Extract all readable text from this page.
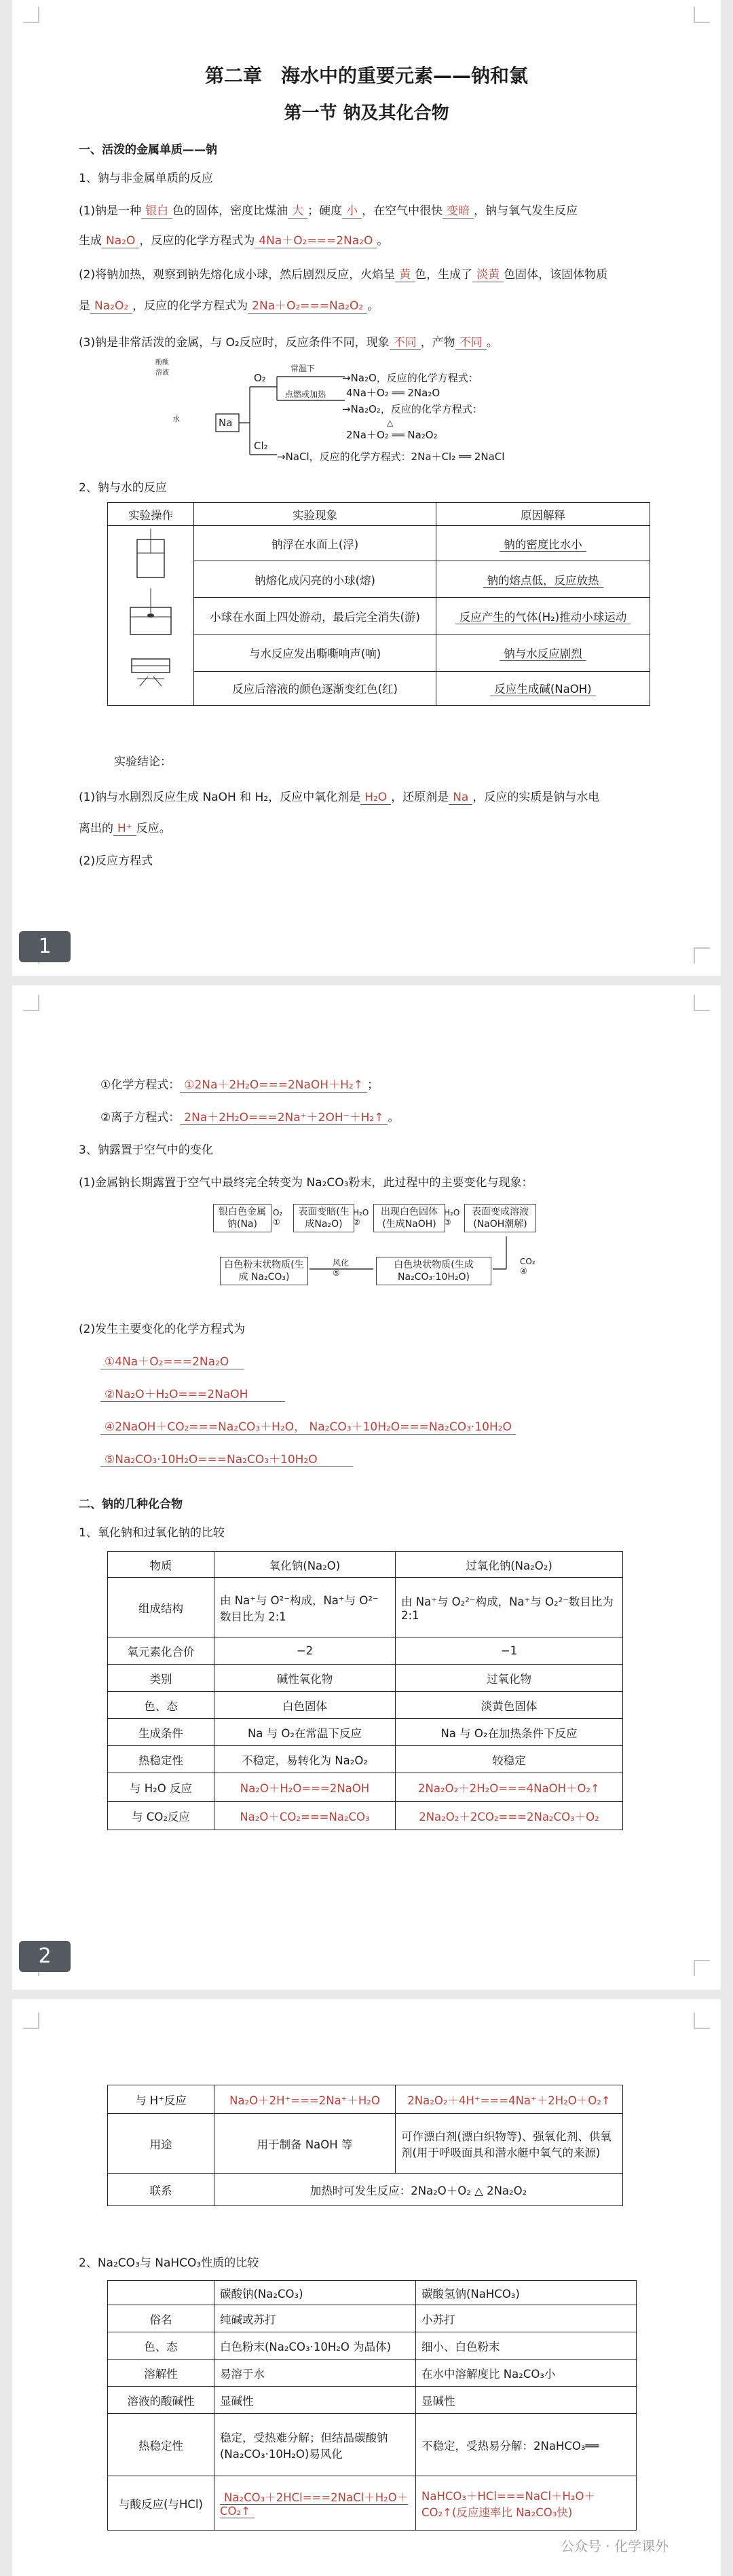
第二章　海水中的重要元素——钠和氯
第一节 钠及其化合物
一、活泼的金属单质——钠
1、钠与非金属单质的反应
(1)钠是一种 银白 色的固体，密度比煤油 大 ；硬度 小 ，在空气中很快 变暗 ，钠与氧气发生反应
生成 Na₂O ，反应的化学方程式为 4Na＋O₂===2Na₂O 。
(2)将钠加热，观察到钠先熔化成小球，然后剧烈反应，火焰呈 黄 色，生成了 淡黄 色固体，该固体物质
是 Na₂O₂ ，反应的化学方程式为 2Na＋O₂===Na₂O₂ 。
(3)钠是非常活泼的金属，与 O₂反应时，反应条件不同，现象 不同 ，产物 不同 。
Na
O₂
Cl₂
常温下
点燃或加热
→Na₂O，反应的化学方程式：
4Na＋O₂ ══ 2Na₂O
→Na₂O₂，反应的化学方程式：
2Na＋O₂ ══ Na₂O₂
△
→NaCl，反应的化学方程式：2Na＋Cl₂ ══ 2NaCl
2、钠与水的反应
实验操作	实验现象	原因解释

酚酞溶液
水	钠浮在水面上(浮)	钠的密度比水小
	钠熔化成闪亮的小球(熔)	钠的熔点低，反应放热
	小球在水面上四处游动，最后完全消失(游)	反应产生的气体(H₂)推动小球运动
	与水反应发出嘶嘶响声(响)	钠与水反应剧烈
	反应后溶液的颜色逐渐变红色(红)	反应生成碱(NaOH)
实验结论：
(1)钠与水剧烈反应生成 NaOH 和 H₂，反应中氧化剂是 H₂O ，还原剂是 Na ，反应的实质是钠与水电
离出的 H⁺ 反应。
(2)反应方程式
1
①化学方程式： ①2Na＋2H₂O===2NaOH＋H₂↑ ；
②离子方程式： 2Na＋2H₂O===2Na⁺＋2OH⁻＋H₂↑ 。
3、钠露置于空气中的变化
(1)金属钠长期露置于空气中最终完全转变为 Na₂CO₃粉末，此过程中的主要变化与现象：
银白色金属钠(Na)
O₂ ①
表面变暗(生成Na₂O)
H₂O ②
出现白色固体(生成NaOH)
H₂O ③
表面变成溶液(NaOH潮解)
白色粉末状物质(生成 Na₂CO₃)
风化 ⑤
白色块状物质(生成 Na₂CO₃·10H₂O)
CO₂ ④
(2)发生主要变化的化学方程式为
①4Na＋O₂===2Na₂O
②Na₂O＋H₂O===2NaOH
④2NaOH＋CO₂===Na₂CO₃＋H₂O， Na₂CO₃＋10H₂O===Na₂CO₃·10H₂O
⑤Na₂CO₃·10H₂O===Na₂CO₃＋10H₂O
二、钠的几种化合物
1、氧化钠和过氧化钠的比较
物质	氧化钠(Na₂O)	过氧化钠(Na₂O₂)
组成结构	由 Na⁺与 O²⁻构成，Na⁺与 O²⁻数目比为 2:1	由 Na⁺与 O₂²⁻构成，Na⁺与 O₂²⁻数目比为 2:1
氧元素化合价	−2	−1
类别	碱性氧化物	过氧化物
色、态	白色固体	淡黄色固体
生成条件	Na 与 O₂在常温下反应	Na 与 O₂在加热条件下反应
热稳定性	不稳定，易转化为 Na₂O₂	较稳定
与 H₂O 反应	Na₂O＋H₂O===2NaOH	2Na₂O₂＋2H₂O===4NaOH＋O₂↑
与 CO₂反应	Na₂O＋CO₂===Na₂CO₃	2Na₂O₂＋2CO₂===2Na₂CO₃＋O₂
2
与 H⁺反应	Na₂O＋2H⁺===2Na⁺＋H₂O	2Na₂O₂＋4H⁺===4Na⁺＋2H₂O＋O₂↑
用途	用于制备 NaOH 等	可作漂白剂(漂白织物等)、强氧化剂、供氧剂(用于呼吸面具和潜水艇中氧气的来源)
联系	加热时可发生反应：2Na₂O＋O₂ △ 2Na₂O₂	
2、Na₂CO₃与 NaHCO₃性质的比较
	碳酸钠(Na₂CO₃)	碳酸氢钠(NaHCO₃)
俗名	纯碱或苏打	小苏打
色、态	白色粉末(Na₂CO₃·10H₂O 为晶体)	细小、白色粉末
溶解性	易溶于水	在水中溶解度比 Na₂CO₃小
溶液的酸碱性	显碱性	显碱性
热稳定性	稳定，受热难分解；但结晶碳酸钠(Na₂CO₃·10H₂O)易风化	不稳定，受热易分解：2NaHCO₃══
与酸反应(与HCl)	Na₂CO₃＋2HCl===2NaCl＋H₂O＋CO₂↑	NaHCO₃＋HCl===NaCl＋H₂O＋CO₂↑(反应速率比 Na₂CO₃快)
公众号 · 化学课外
